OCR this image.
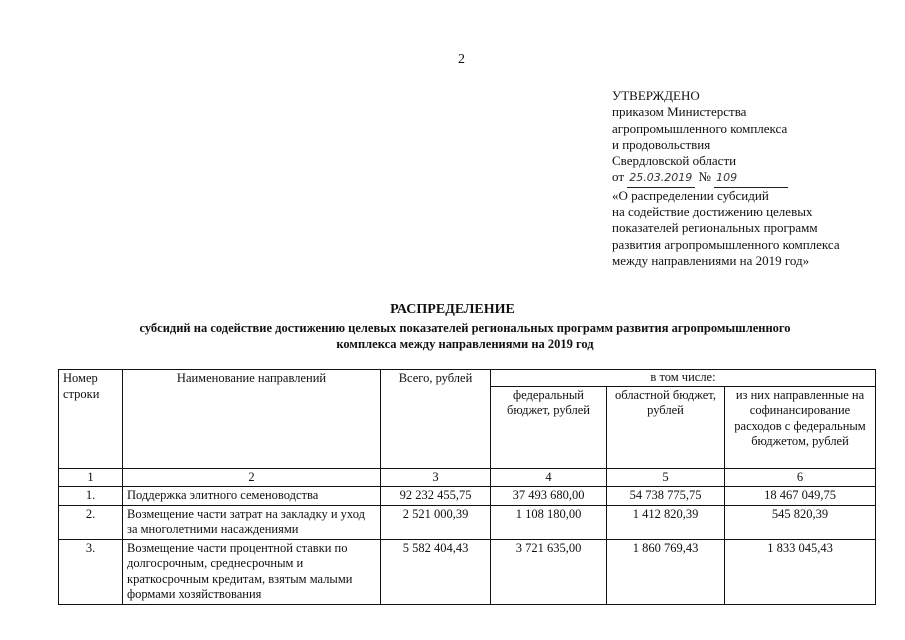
2
УТВЕРЖДЕНО
приказом Министерства
агропромышленного комплекса
и продовольствия
Свердловской области
от 25.03.2019 № 109
«О распределении субсидий
на содействие достижению целевых
показателей региональных программ
развития агропромышленного комплекса
между направлениями на 2019 год»
РАСПРЕДЕЛЕНИЕ
субсидий на содействие достижению целевых показателей региональных программ развития агропромышленного
комплекса между направлениями на 2019 год
Номер строки	Наименование направлений	Всего, рублей	в том числе:		
			федеральный бюджет, рублей	областной бюджет, рублей	из них направленные на софинансирование расходов с федеральным бюджетом, рублей
1	2	3	4	5	6
1.	Поддержка элитного семеноводства	92 232 455,75	37 493 680,00	54 738 775,75	18 467 049,75
2.	Возмещение части затрат на закладку и уход за многолетними насаждениями	2 521 000,39	1 108 180,00	1 412 820,39	545 820,39
3.	Возмещение части процентной ставки по долгосрочным, среднесрочным и краткосрочным кредитам, взятым малыми формами хозяйствования	5 582 404,43	3 721 635,00	1 860 769,43	1 833 045,43
